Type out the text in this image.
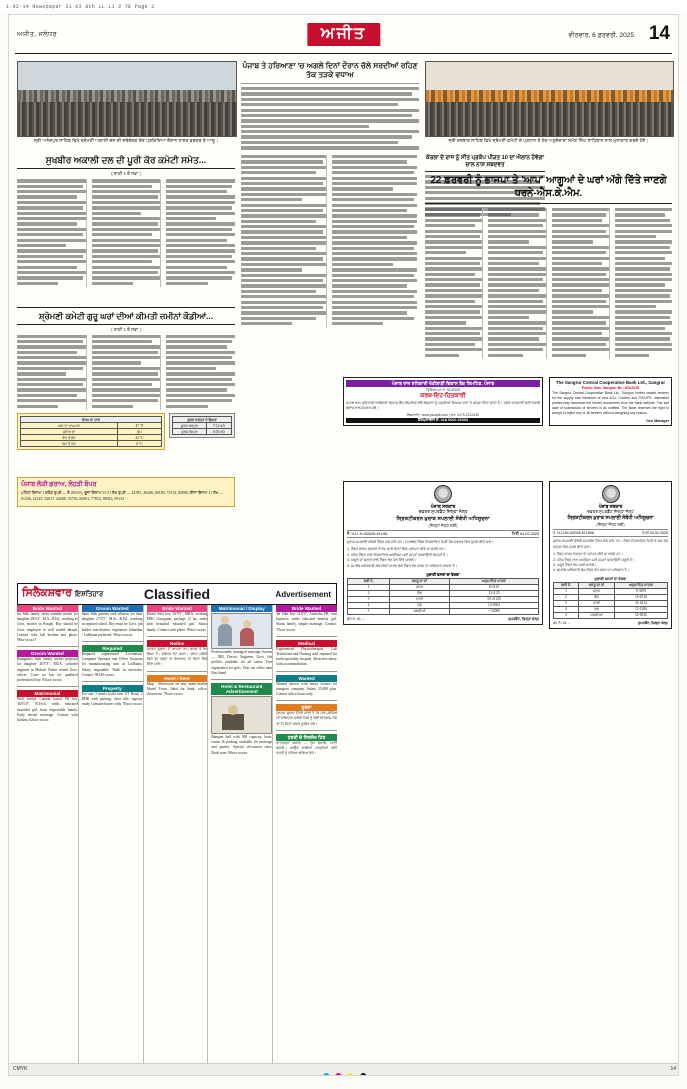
1-02-14 Newspaper 31 03 8th LL L1 2 7E Page 2
ਅਜੀਤ, ਜਲੰਧਰ	ਅਜੀਤ	ਵੀਰਵਾਰ, 6 ਫ਼ਰਵਰੀ, 2025 14
ਸ੍ਰੀ ਅਨੰਦਪੁਰ ਸਾਹਿਬ ਵਿਖੇ ਸ਼੍ਰੋਮਣੀ ਅਕਾਲੀ ਦਲ ਦੀ ਜਥੇਬੰਦਕ ਚੋਣ ਪ੍ਰਕਿਰਿਆ ਦੌਰਾਨ ਹਾਜ਼ਰ ਵਰਕਰ ਤੇ ਆਗੂ।
ਪੰਜਾਬ ਤੇ ਹਰਿਆਣਾ 'ਚ ਅਗਲੇ ਦਿਨਾਂ ਦੌਰਾਨ ਚੱਲੇ ਸਰਦੀਆਂ ਰਹਿਣ ਤੱਕ ਤੜਕੇ ਵਧਾਅ
ਸ੍ਰੀ ਦਰਬਾਰ ਸਾਹਿਬ ਵਿਖੇ ਸ਼੍ਰੋਮਣੀ ਕਮੇਟੀ ਦੇ ਪ੍ਰਧਾਨ ਤੇ ਹੋਰ ਅਹੁਦੇਦਾਰਾਂ ਸਮੇਤ ਸਿੰਘ ਸਾਹਿਬਾਨ ਨਾਲ ਮੁਲਾਕਾਤ ਕਰਦੇ ਹੋਏ।
ਸੁਖਬੀਰ ਅਕਾਲੀ ਦਲ ਦੀ ਪੂਰੀ ਕੋਰ ਕਮੇਟੀ ਸਮੇਤ...
( ਬਾਕੀ 1 ਤੋਂ ਸਫ਼ਾ )
ਸ਼੍ਰੋਮਣੀ ਕਮੇਟੀ ਗੁਰੂ ਘਰਾਂ ਦੀਆਂ ਕੀਮਤੀ ਜ਼ਮੀਨਾਂ ਕੌਡੀਆਂ...
( ਬਾਕੀ 1 ਤੋਂ ਸਫ਼ਾ )
ਮੌਸਮ ਦਾ ਹਾਲ	
ਅੱਜ ਦਾ ਤਾਪਮਾਨ	47 °F
ਸ਼ਹਿਰ ਦਾ	ਧੁੱਪ
ਵੱਧ ਤੋਂ ਵੱਧ	22 °C
ਘੱਟ ਤੋਂ ਘੱਟ	6 °C
ਸੂਰਜ ਚੜ੍ਹਨ ਤੇ ਛਿਪਣ	
ਸੂਰਜ ਚੜ੍ਹਨ	7:12 ਵਜੇ
ਸੂਰਜ ਛਿਪਣ	6:03 ਵਜੇ
ਪੰਜਾਬ ਲੱਕੀ ਡਰਾਅ, ਲੋਹੜੀ ਬੰਪਰ
ਪਹਿਲਾ ਇਨਾਮ 1 ਕਰੋੜ ਰੁਪਏ — ਏ 265335, ਦੂਜਾ ਇਨਾਮ 51-51 ਲੱਖ ਰੁਪਏ — 24785, 40206, 60189, 73114, 82900, ਤੀਜਾ ਇਨਾਮ 11 ਲੱਖ — 01336, 22145, 33617, 44208, 55730, 66901, 77852, 88043, 99132
ਕੇਰਲਾ ਦੇ ਰਾਜ ਨੂੰ ਸੀਤ ਪ੍ਰਕੋਪ ਪੀੜਤ 10 ਦਾ ਐਲਾਨ ਹੋਵੇਗਾ ਚਾਲ ਨਾਸ਼ ਸ਼ਬਦਵਤ
22 ਫ਼ਰਵਰੀ ਨੂੰ ਭਾਜਪਾ ਤੇ 'ਆਪ' ਆਗੂਆਂ ਦੇ ਘਰਾਂ ਅੱਗੇ ਦਿੱਤੇ ਜਾਣਗੇ ਧਰਨੇ-ਐਸ.ਕੇ.ਐਮ.
ਪੰਜਾਬ ਰਾਜ ਸਹਿਕਾਰੀ ਖੇਤੀਬਾੜੀ ਵਿਕਾਸ ਬੈਂਕ ਲਿਮਟਿਡ, ਪੰਜਾਬ
ਵਿਗਿਆਪਨ ਨੰ: 01/2025
ਕਰਜ਼-ਇਹ-ਹਿਤਕਾਰੀ
ਪੰਜਾਬ ਰਾਜ ਸਹਿਕਾਰੀ ਖੇਤੀਬਾੜੀ ਵਿਕਾਸ ਬੈਂਕ ਲਿਮਟਿਡ ਵੱਲੋਂ ਕਿਸਾਨਾਂ ਨੂੰ ਸਸਤੀਆਂ ਵਿਆਜ ਦਰਾਂ 'ਤੇ ਕਰਜ਼ਾ ਦਿੱਤਾ ਜਾਂਦਾ ਹੈ। ਵਧੇਰੇ ਜਾਣਕਾਰੀ ਲਈ ਨੇੜਲੀ ਬ੍ਰਾਂਚ ਨਾਲ ਸੰਪਰਕ ਕਰੋ।
ਵੈੱਬਸਾਈਟ: www.pscadb.com | ਫ਼ੋਨ: 0175-2212345
ਹੈਲਪਲਾਈਨ ਨੰ: 018 0000 30303
The Sangrur Central Cooperative Bank Ltd., Sangrur
Public Sale, Sangrur Br.: HO/2025
The Sangrur Central Cooperative Bank Ltd., Sangrur invites sealed tenders for the supply and handover of new ACs, Coolers and DG/UPS. Interested parties may download the tender documents from the bank website. The last date of submission of tenders is as notified. The Bank reserves the right to accept or reject any or all tenders without assigning any reason.
Gen Manager
ਪੰਜਾਬ ਸਰਕਾਰ
ਦਫ਼ਤਰ ਸੁਪਰਡੈਂਟ ਜ਼ਿਲ੍ਹਾ ਜੇਲ੍ਹ
ਸ੍ਰਿਸ਼ਟੀਕਰਨ ਖ਼ੁਰਾਕ ਸਪਲਾਈ ਸੰਬੰਧੀ ਅਧਿਸੂਚਨਾ
(ਜ਼ਿਲ੍ਹਾ ਜੇਲ੍ਹ ਲਈ)
ਨੰ. HJ-I-H-II/2026-KH-66	ਮਿਤੀ 04.02.2025
ਖ਼ੁਰਾਕ ਸਪਲਾਈ ਸੰਬੰਧੀ ਟੈਂਡਰ ਮੰਗੇ ਜਾਂਦੇ ਹਨ। ਮੋਹਰਬੰਦ ਟੈਂਡਰ ਨਿਰਧਾਰਿਤ ਮਿਤੀ ਤੱਕ ਦਫ਼ਤਰ ਵਿਖੇ ਪੁੱਜਦੇ ਕੀਤੇ ਜਾਣ।
1. ਟੈਂਡਰ ਫਾਰਮ ਦਫ਼ਤਰ ਤੋਂ ਕੰਮ ਵਾਲੇ ਦਿਨਾਂ ਵਿੱਚ ਪ੍ਰਾਪਤ ਕੀਤੇ ਜਾ ਸਕਦੇ ਹਨ।
2. ਹਰੇਕ ਟੈਂਡਰ ਨਾਲ ਨਿਰਧਾਰਿਤ ਅਰਨੈਸਟ ਮਨੀ ਜਮ੍ਹਾਂ ਕਰਵਾਉਣੀ ਲਾਜ਼ਮੀ ਹੈ।
3. ਅਧੂਰੇ ਜਾਂ ਸ਼ਰਤਾਂ ਵਾਲੇ ਟੈਂਡਰ ਰੱਦ ਕਰ ਦਿੱਤੇ ਜਾਣਗੇ।
4. ਸਮਰੱਥ ਅਧਿਕਾਰੀ ਕੋਲ ਬਿਨਾਂ ਕਾਰਨ ਦੱਸੇ ਟੈਂਡਰ ਰੱਦ ਕਰਨ ਦਾ ਅਧਿਕਾਰ ਰਾਖਵਾਂ ਹੈ।
ਖ਼ੁਰਾਕੀ ਵਸਤਾਂ ਦਾ ਵੇਰਵਾ
ਲੜੀ ਨੰ.	ਵਸਤੂ ਦਾ ਨਾਂ	ਅਨੁਮਾਨਿਤ ਮਾਤਰਾ
1	ਕਣਕ	8-2125
2	ਚੌਲ	12-4.25
3	ਦਾਲਾਂ	50-21125
4	ਖੰਡ	12-6362
5	ਸਬਜ਼ੀਆਂ	+ 52000
ਫ਼ੋਨ ਨੰ: 01 ...	ਸੁਪਰਡੈਂਟ, ਜ਼ਿਲ੍ਹਾ ਜੇਲ੍ਹ
ਪੰਜਾਬ ਸਰਕਾਰ
ਦਫ਼ਤਰ ਸੁਪਰਡੈਂਟ ਜ਼ਿਲ੍ਹਾ ਜੇਲ੍ਹ
ਸ੍ਰਿਸ਼ਟੀਕਰਨ ਖ਼ੁਰਾਕ ਸਪਲਾਈ ਸੰਬੰਧੀ ਅਧਿਸੂਚਨਾ
(ਜ਼ਿਲ੍ਹਾ ਜੇਲ੍ਹ ਲਈ)
ਨੰ. H-I-UH-II/2026-KH-806	ਮਿਤੀ 04.02.2025
ਖ਼ੁਰਾਕ ਸਪਲਾਈ ਸੰਬੰਧੀ ਮੋਹਰਬੰਦ ਟੈਂਡਰ ਮੰਗੇ ਜਾਂਦੇ ਹਨ। ਟੈਂਡਰ ਨਿਰਧਾਰਿਤ ਮਿਤੀ ਤੇ ਸਮੇਂ ਤੱਕ ਦਫ਼ਤਰ ਵਿਖੇ ਪੁੱਜਦੇ ਕੀਤੇ ਜਾਣ।
1. ਟੈਂਡਰ ਫਾਰਮ ਦਫ਼ਤਰ ਤੋਂ ਪ੍ਰਾਪਤ ਕੀਤੇ ਜਾ ਸਕਦੇ ਹਨ।
2. ਹਰੇਕ ਟੈਂਡਰ ਨਾਲ ਅਰਨੈਸਟ ਮਨੀ ਜਮ੍ਹਾਂ ਕਰਵਾਉਣੀ ਜ਼ਰੂਰੀ ਹੈ।
3. ਅਧੂਰੇ ਟੈਂਡਰ ਰੱਦ ਸਮਝੇ ਜਾਣਗੇ।
4. ਸਮਰੱਥ ਅਧਿਕਾਰੀ ਕੋਲ ਟੈਂਡਰ ਰੱਦ ਕਰਨ ਦਾ ਅਧਿਕਾਰ ਹੈ।
ਖ਼ੁਰਾਕੀ ਵਸਤਾਂ ਦਾ ਵੇਰਵਾ
ਲੜੀ ਨੰ.	ਵਸਤੂ ਦਾ ਨਾਂ	ਅਨੁਮਾਨਿਤ ਮਾਤਰਾ
1	ਕਣਕ	8-3659
2	ਚੌਲ	16-2516
3	ਦਾਲਾਂ	31-6214
4	ਖੰਡ	12-1206
5	ਸਬਜ਼ੀਆਂ	52-6926
ਫ਼ੋਨ ਨੰ: 01 ...	ਸੁਪਰਡੈਂਟ, ਜ਼ਿਲ੍ਹਾ ਜੇਲ੍ਹ
ਸਿਲੈਕਸ਼ਵਾਰ ਇਸ਼ਤਿਹਾਰ	Classified	Advertisement
Bride Wanted
Jat Sikh family seeks suitable match for daughter 28/5'4", M.A., B.Ed., working as Govt. teacher in Punjab. Boy should be Govt. employee or well settled abroad. Contact with full biodata and photo. 98xx-xxxxx7
Groom Wanted
Ramgarhia Sikh family invites proposal for daughter 26/5'3", MCA, software engineer in Mohali. Father retired Govt. officer. Caste no bar for qualified professional boy. 94xxx-xxxxx
Matrimonial
Well settled Canada based PR boy 30/5'10", B.Tech, seeks educated beautiful girl from respectable family. Early decent marriage. Contact with biodata. 62xxx-xxxxx
Groom Wanted
Saini Sikh parents seek alliance for their daughter 27/5'5", M.Sc. B.Ed., teaching in reputed school. Boy must be Govt. job holder, non-drinker, vegetarian. Jalandhar / Ludhiana preferred. 98xxx-xxxxx
Required
Required experienced Accountant, Computer Operator and Office Assistant for manufacturing unit at Ludhiana. Salary negotiable. Walk in interview. Contact: 98140-xxxxx
Property
For sale 5 marla kothi near GT Road, 2 BHK with parking, clear title, registry ready. Genuine buyers only. 95xxx-xxxxx
Bride Wanted
Khatri Sikh boy 29/5'9", MBA, working MNC Gurugram, package 12 lac, seeks slim beautiful educated girl. Status family. Contact with photo. 99xxx-xxxxx
Notice
ਜਨਤਕ ਸੂਚਨਾ: ਮੈਂ ਆਪਣਾ ਨਾਮ ਬਦਲ ਕੇ ਰੱਖ ਲਿਆ ਹੈ। ਸਬੰਧਤ ਨੋਟ ਕਰਨ। ਪਲਾਟ ਸਬੰਧੀ ਕਿਸੇ ਵੀ ਤਰ੍ਹਾਂ ਦਾ ਇਤਰਾਜ਼ 15 ਦਿਨਾਂ ਵਿੱਚ ਦਿੱਤਾ ਜਾਵੇ।
Hotel / Rent
Shop / Showroom on rent, main market Model Town. Ideal for bank, office, showroom. 78xxx-xxxxx
Matrimonial / Display
Professionally managed marriage bureau — NRI, Doctor, Engineer, Govt. Job profiles available for all castes. Free registration for girls. Visit our office near Bus Stand.
Hotel & Restaurant Advertisement
Banquet hall with 500 capacity, lawn, rooms & parking available for marriage and parties. Special off-season rates. Book now: 98xxx-xxxxx
Bride Wanted
Jat Sikh boy 31/6'0", Australia PR, own business, seeks educated homely girl. Status family, simple marriage. Contact: 70xxx-xxxxx
Medical
Experienced Physiotherapist, Lab Technician and Nursing staff required for multi-speciality hospital. Attractive salary with accommodation.
Wanted
Wanted drivers with heavy licence for transport company. Salary 25,000 plus. Contact office hours only.
ਸੂਚਨਾ
ਜਨਤਕ ਸੂਚਨਾ ਦਿੱਤੀ ਜਾਂਦੀ ਹੈ ਕਿ ਮੇਰੇ ਮੁਵੱਕਿਲ ਦੀ ਜਾਇਦਾਦ ਸਬੰਧੀ ਕਿਸੇ ਨੂੰ ਕੋਈ ਇਤਰਾਜ਼ ਹੋਵੇ ਤਾਂ 15 ਦਿਨਾਂ ਅੰਦਰ ਸੂਚਿਤ ਕਰੇ।
ਧਰਤੀ ਦੇ ਸਿਰਲੇਖ ਹਿਤ
ਵਾਤਾਵਰਨ ਬਚਾਓ — ਰੁੱਖ ਲਗਾਓ, ਪਾਣੀ ਬਚਾਓ। ਆਉਣ ਵਾਲੀਆਂ ਪੀੜ੍ਹੀਆਂ ਲਈ ਧਰਤੀ ਨੂੰ ਹਰਿਆ-ਭਰਿਆ ਰੱਖੋ।
CMYK	14
